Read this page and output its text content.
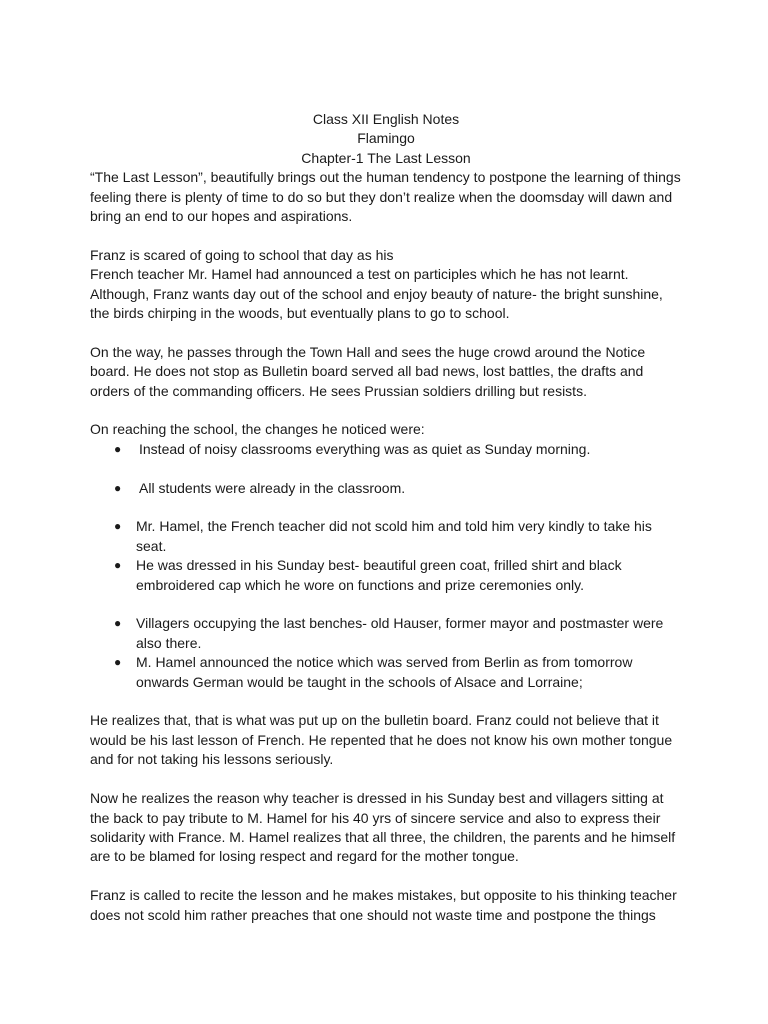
Class XII English Notes
Flamingo
Chapter-1 The Last Lesson

“The Last Lesson”, beautifully brings out the human tendency to postpone the learning of things
feeling there is plenty of time to do so but they don’t realize when the doomsday will dawn and
bring an end to our hopes and aspirations.

Franz is scared of going to school that day as his
French teacher Mr. Hamel had announced a test on participles which he has not learnt.
Although, Franz wants day out of the school and enjoy beauty of nature- the bright sunshine,
the birds chirping in the woods, but eventually plans to go to school.

On the way, he passes through the Town Hall and sees the huge crowd around the Notice
board. He does not stop as Bulletin board served all bad news, lost battles, the drafts and
orders of the commanding officers. He sees Prussian soldiers drilling but resists.

On reaching the school, the changes he noticed were:

● Instead of noisy classrooms everything was as quiet as Sunday morning.
● All students were already in the classroom.
● Mr. Hamel, the French teacher did not scold him and told him very kindly to take his
seat.
● He was dressed in his Sunday best- beautiful green coat, frilled shirt and black
embroidered cap which he wore on functions and prize ceremonies only.
● Villagers occupying the last benches- old Hauser, former mayor and postmaster were
also there.
● M. Hamel announced the notice which was served from Berlin as from tomorrow
onwards German would be taught in the schools of Alsace and Lorraine;

He realizes that, that is what was put up on the bulletin board. Franz could not believe that it
would be his last lesson of French. He repented that he does not know his own mother tongue
and for not taking his lessons seriously.

Now he realizes the reason why teacher is dressed in his Sunday best and villagers sitting at
the back to pay tribute to M. Hamel for his 40 yrs of sincere service and also to express their
solidarity with France. M. Hamel realizes that all three, the children, the parents and he himself
are to be blamed for losing respect and regard for the mother tongue.

Franz is called to recite the lesson and he makes mistakes, but opposite to his thinking teacher
does not scold him rather preaches that one should not waste time and postpone the things
